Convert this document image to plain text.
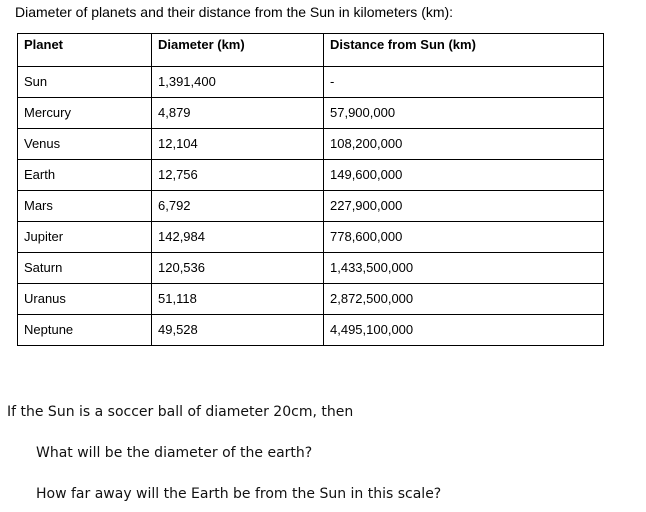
Diameter of planets and their distance from the Sun in kilometers (km):
Planet	Diameter (km)	Distance from Sun (km)
Sun	1,391,400	-
Mercury	4,879	57,900,000
Venus	12,104	108,200,000
Earth	12,756	149,600,000
Mars	6,792	227,900,000
Jupiter	142,984	778,600,000
Saturn	120,536	1,433,500,000
Uranus	51,118	2,872,500,000
Neptune	49,528	4,495,100,000
If the Sun is a soccer ball of diameter 20cm, then
What will be the diameter of the earth?
How far away will the Earth be from the Sun in this scale?
